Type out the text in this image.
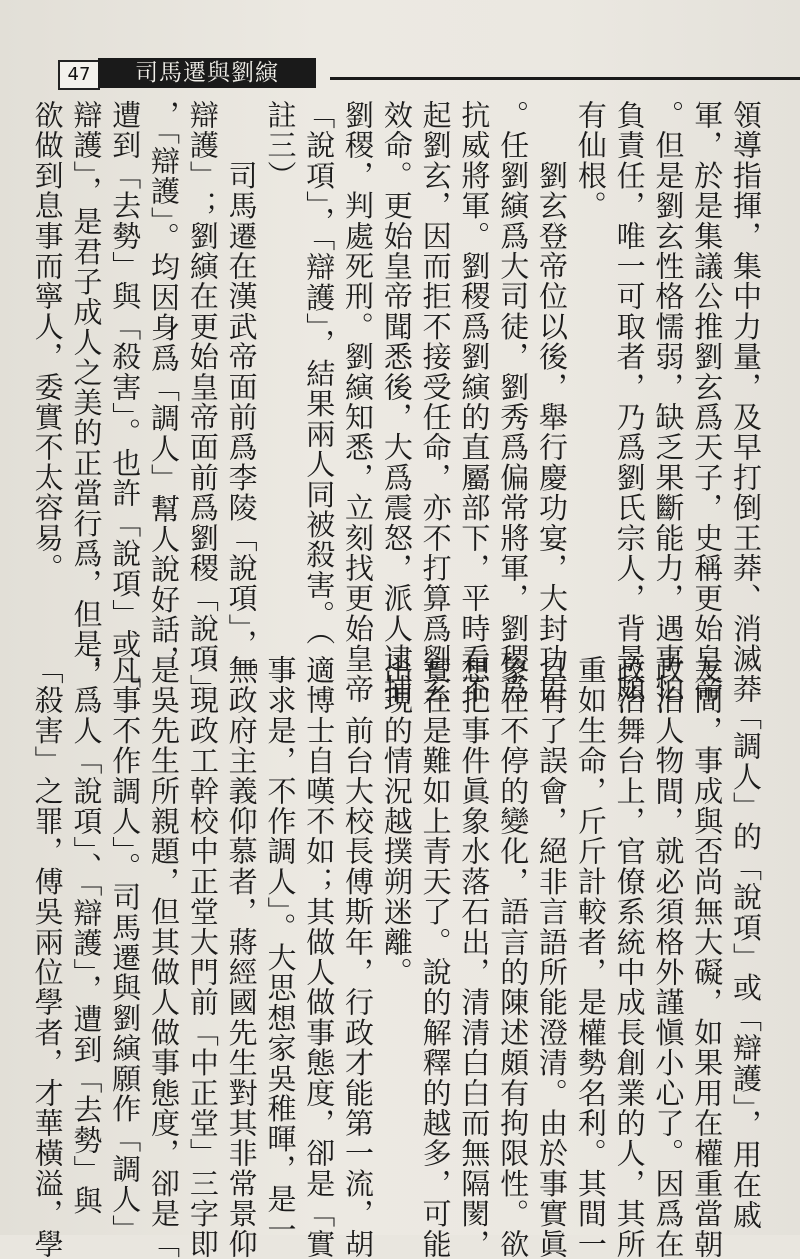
47	司馬遷與劉縯
領導指揮，集中力量，及早打倒王莽、消滅莽
軍，於是集議公推劉玄爲天子，史稱更始皇帝
。但是劉玄性格懦弱，缺乏果斷能力，遇事怕
負責任，唯一可取者，乃爲劉氏宗人，背景頗
有仙根。
　　劉玄登帝位以後，舉行慶功宴，大封功臣
。任劉縯爲大司徒，劉秀爲偏常將軍，劉稷爲
抗威將軍。劉稷爲劉縯的直屬部下，平時看不
起劉玄，因而拒不接受任命，亦不打算爲劉玄
效命。更始皇帝聞悉後，大爲震怒，派人逮捕
劉稷，判處死刑。劉縯知悉，立刻找更始皇帝
「說項」，「辯護」，結果兩人同被殺害。（
註三）
　　司馬遷在漢武帝面前爲李陵「說項」，「
辯護」；劉縯在更始皇帝面前爲劉稷「說項」
，「辯護」。均因身爲「調人」幫人說好話，
遭到「去勢」與「殺害」。也許「說項」或「
辯護」，是君子成人之美的正當行爲，但是，
欲做到息事而寧人，委實不太容易。
　　「調人」的「說項」或「辯護」，用在戚
友間，事成與否尚無大礙，如果用在權重當朝
政治人物間，就必須格外謹愼小心了。因爲在
政治舞台上，官僚系統中成長創業的人，其所
重如生命，斤斤計較者，是權勢名利。其間一
旦有了誤會，絕非言語所能澄清。由於事實眞
象在不停的變化，語言的陳述頗有拘限性。欲
想把事件眞象水落石出，清清白白而無隔閡，
實在是難如上青天了。說的解釋的越多，可能
出現的情況越撲朔迷離。
　　前台大校長傅斯年，行政才能第一流，胡
適博士自嘆不如；其做人做事態度，卻是「實
事求是，不作調人」。大思想家吳稚暉，是一
無政府主義仰慕者，蔣經國先生對其非常景仰
，現政工幹校中正堂大門前「中正堂」三字即
是吳先生所親題，但其做人做事態度，卻是「
凡事不作調人」。司馬遷與劉縯願作「調人」
，爲人「說項」、「辯護」，遭到「去勢」與
「殺害」之罪，傅吳兩位學者，才華橫溢，學
